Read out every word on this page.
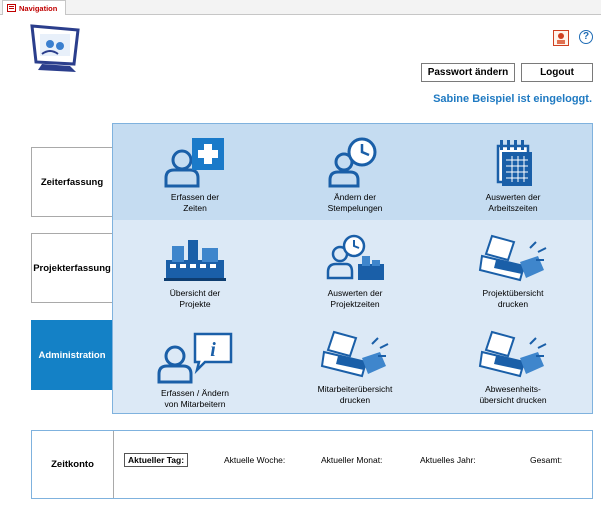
Navigation
?
Passwort ändern	Logout
Sabine Beispiel ist eingeloggt.
Zeiterfassung
Projekterfassung
Administration
Erfassen der
Zeiten
Ändern der
Stempelungen
Auswerten der
Arbeitszeiten
Übersicht der
Projekte
Auswerten der
Projektzeiten
Projektübersicht
drucken
i
Erfassen / Ändern
von Mitarbeitern
Mitarbeiterübersicht
drucken
Abwesenheits-
übersicht drucken
Zeitkonto	Aktueller Tag:	Aktuelle Woche:	Aktueller Monat:	Aktuelles Jahr:	Gesamt:
